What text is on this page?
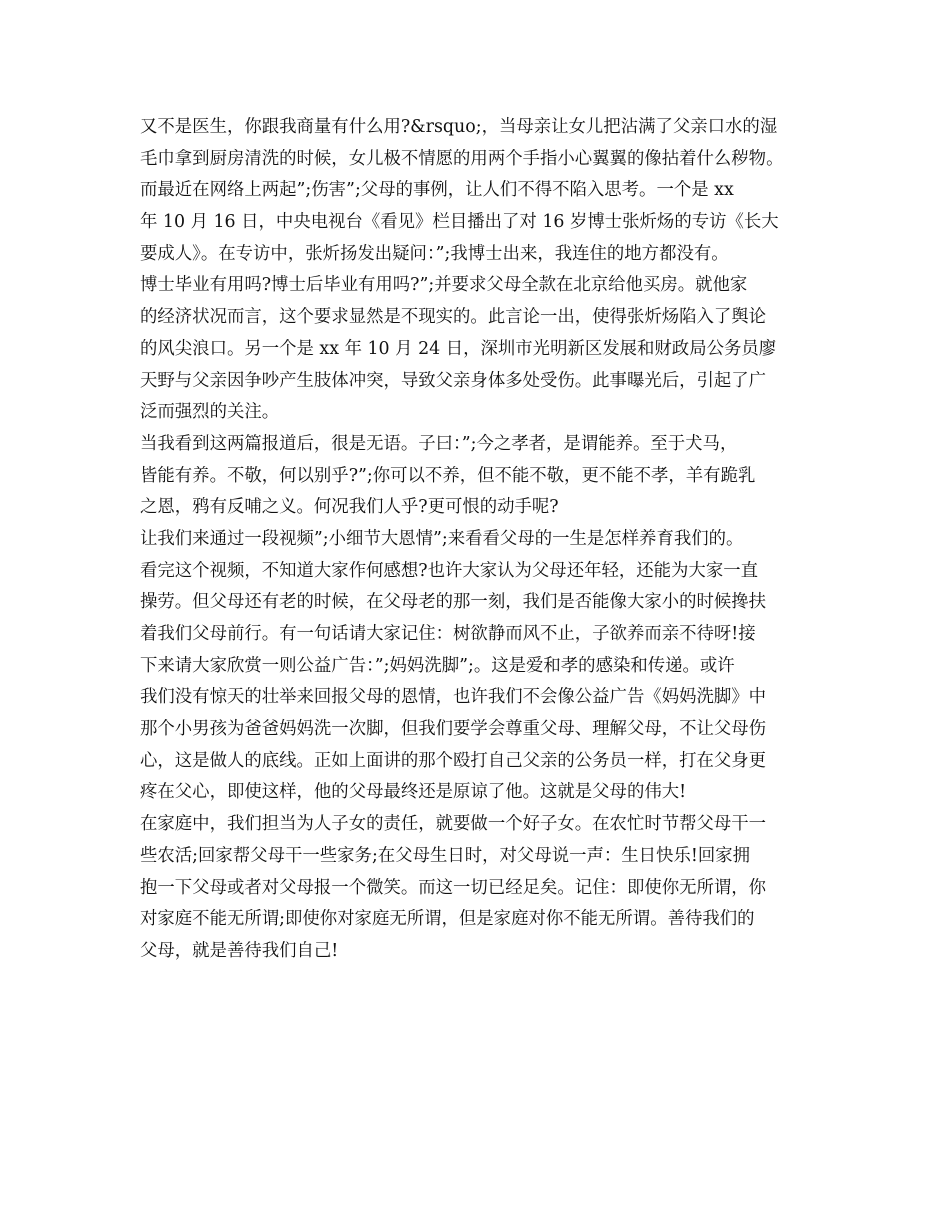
又不是医生，你跟我商量有什么用?&rsquo;，当母亲让女儿把沾满了父亲口水的湿
毛巾拿到厨房清洗的时候，女儿极不情愿的用两个手指小心翼翼的像拈着什么秽物。
而最近在网络上两起”;伤害”;父母的事例，让人们不得不陷入思考。一个是 xx
年 10 月 16 日，中央电视台《看见》栏目播出了对 16 岁博士张炘炀的专访《长大
要成人》。在专访中，张炘扬发出疑问：”;我博士出来，我连住的地方都没有。
博士毕业有用吗?博士后毕业有用吗?”;并要求父母全款在北京给他买房。就他家
的经济状况而言，这个要求显然是不现实的。此言论一出，使得张炘炀陷入了舆论
的风尖浪口。另一个是 xx 年 10 月 24 日，深圳市光明新区发展和财政局公务员廖
天野与父亲因争吵产生肢体冲突，导致父亲身体多处受伤。此事曝光后，引起了广
泛而强烈的关注。
当我看到这两篇报道后，很是无语。子曰：”;今之孝者，是谓能养。至于犬马，
皆能有养。不敬，何以别乎?”;你可以不养，但不能不敬，更不能不孝，羊有跪乳
之恩，鸦有反哺之义。何况我们人乎?更可恨的动手呢?
让我们来通过一段视频”;小细节大恩情”;来看看父母的一生是怎样养育我们的。
看完这个视频，不知道大家作何感想?也许大家认为父母还年轻，还能为大家一直
操劳。但父母还有老的时候，在父母老的那一刻，我们是否能像大家小的时候搀扶
着我们父母前行。有一句话请大家记住：树欲静而风不止，子欲养而亲不待呀!接
下来请大家欣赏一则公益广告：”;妈妈洗脚”;。这是爱和孝的感染和传递。或许
我们没有惊天的壮举来回报父母的恩情，也许我们不会像公益广告《妈妈洗脚》中
那个小男孩为爸爸妈妈洗一次脚，但我们要学会尊重父母、理解父母，不让父母伤
心，这是做人的底线。正如上面讲的那个殴打自己父亲的公务员一样，打在父身更
疼在父心，即使这样，他的父母最终还是原谅了他。这就是父母的伟大!
在家庭中，我们担当为人子女的责任，就要做一个好子女。在农忙时节帮父母干一
些农活;回家帮父母干一些家务;在父母生日时，对父母说一声：生日快乐!回家拥
抱一下父母或者对父母报一个微笑。而这一切已经足矣。记住：即使你无所谓，你
对家庭不能无所谓;即使你对家庭无所谓，但是家庭对你不能无所谓。善待我们的
父母，就是善待我们自己!
